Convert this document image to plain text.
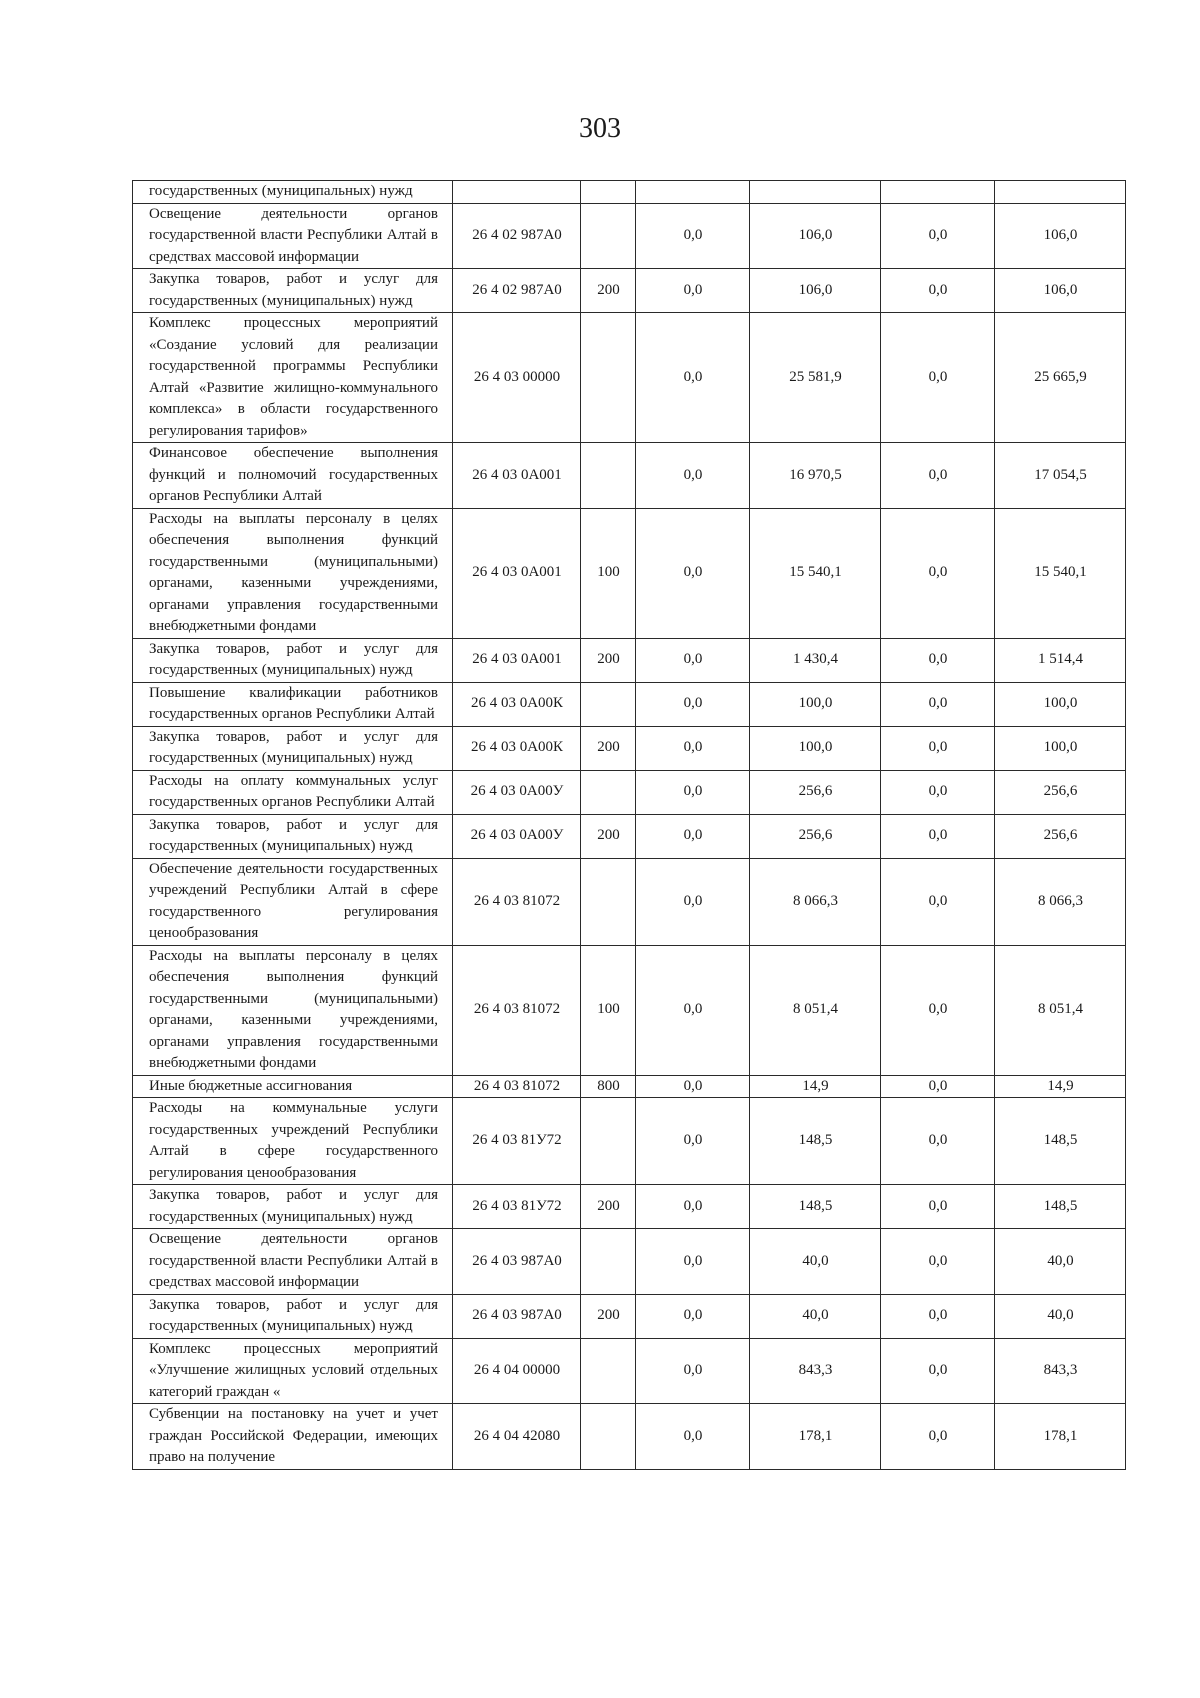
303
государственных (муниципальных) нужд						
Освещение деятельности органов государственной власти Республики Алтай в средствах массовой информации	26 4 02 987А0		0,0	106,0	0,0	106,0
Закупка товаров, работ и услуг для государственных (муниципальных) нужд	26 4 02 987А0	200	0,0	106,0	0,0	106,0
Комплекс процессных мероприятий «Создание условий для реализации государственной программы Республики Алтай «Развитие жилищно-коммунального комплекса» в области государственного регулирования тарифов»	26 4 03 00000		0,0	25 581,9	0,0	25 665,9
Финансовое обеспечение выполнения функций и полномочий государственных органов Республики Алтай	26 4 03 0А001		0,0	16 970,5	0,0	17 054,5
Расходы на выплаты персоналу в целях обеспечения выполнения функций государственными (муниципальными) органами, казенными учреждениями, органами управления государственными внебюджетными фондами	26 4 03 0А001	100	0,0	15 540,1	0,0	15 540,1
Закупка товаров, работ и услуг для государственных (муниципальных) нужд	26 4 03 0А001	200	0,0	1 430,4	0,0	1 514,4
Повышение квалификации работников государственных органов Республики Алтай	26 4 03 0А00К		0,0	100,0	0,0	100,0
Закупка товаров, работ и услуг для государственных (муниципальных) нужд	26 4 03 0А00К	200	0,0	100,0	0,0	100,0
Расходы на оплату коммунальных услуг государственных органов Республики Алтай	26 4 03 0А00У		0,0	256,6	0,0	256,6
Закупка товаров, работ и услуг для государственных (муниципальных) нужд	26 4 03 0А00У	200	0,0	256,6	0,0	256,6
Обеспечение деятельности государственных учреждений Республики Алтай в сфере государственного регулирования ценообразования	26 4 03 81072		0,0	8 066,3	0,0	8 066,3
Расходы на выплаты персоналу в целях обеспечения выполнения функций государственными (муниципальными) органами, казенными учреждениями, органами управления государственными внебюджетными фондами	26 4 03 81072	100	0,0	8 051,4	0,0	8 051,4
Иные бюджетные ассигнования	26 4 03 81072	800	0,0	14,9	0,0	14,9
Расходы на коммунальные услуги государственных учреждений Республики Алтай в сфере государственного регулирования ценообразования	26 4 03 81У72		0,0	148,5	0,0	148,5
Закупка товаров, работ и услуг для государственных (муниципальных) нужд	26 4 03 81У72	200	0,0	148,5	0,0	148,5
Освещение деятельности органов государственной власти Республики Алтай в средствах массовой информации	26 4 03 987А0		0,0	40,0	0,0	40,0
Закупка товаров, работ и услуг для государственных (муниципальных) нужд	26 4 03 987А0	200	0,0	40,0	0,0	40,0
Комплекс процессных мероприятий «Улучшение жилищных условий отдельных категорий граждан «	26 4 04 00000		0,0	843,3	0,0	843,3
Субвенции на постановку на учет и учет граждан Российской Федерации, имеющих право на получение	26 4 04 42080		0,0	178,1	0,0	178,1
